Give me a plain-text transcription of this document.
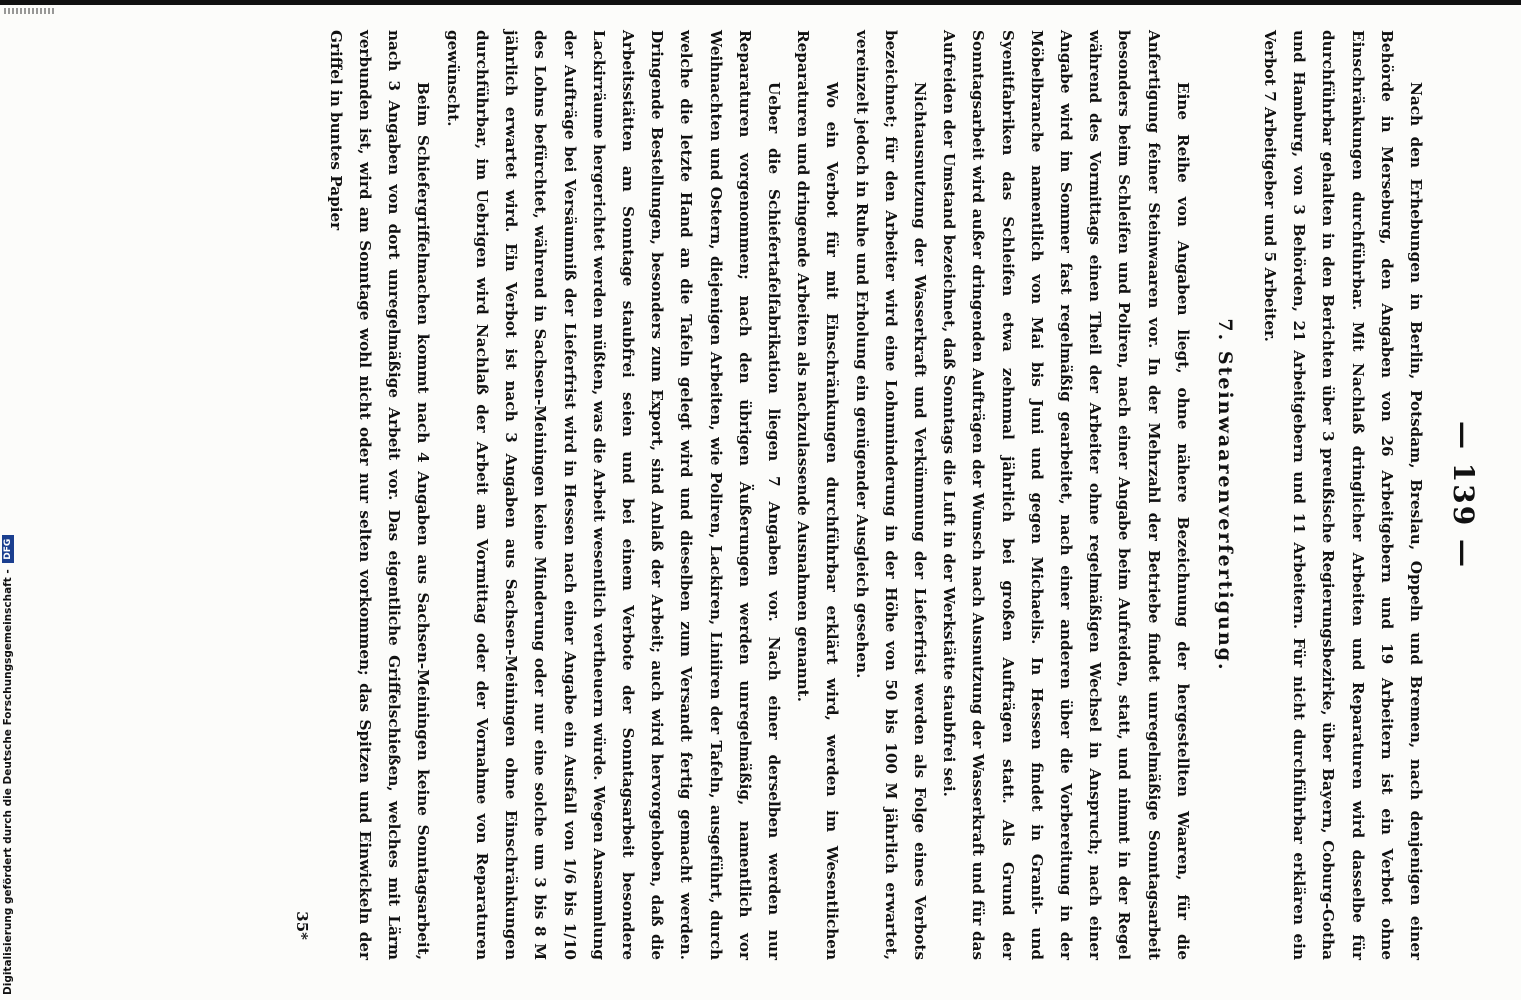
— 139 —

Nach den Erhebungen in Berlin, Potsdam, Breslau, Oppeln und Bremen, nach denjenigen einer Behörde in Merseburg, den Angaben von 26 Arbeitgebern und 19 Arbeitern ist ein Verbot ohne Einschränkungen durchführbar. Mit Nachlaß dringlicher Arbeiten und Reparaturen wird dasselbe für durchführbar gehalten in den Berichten über 3 preußische Regierungsbezirke, über Bayern, Coburg-Gotha und Hamburg, von 3 Behörden, 21 Arbeitgebern und 11 Arbeitern. Für nicht durchführbar erklären ein Verbot 7 Arbeitgeber und 5 Arbeiter.

7. Steinwaarenverfertigung.

Eine Reihe von Angaben liegt, ohne nähere Bezeichnung der hergestellten Waaren, für die Anfertigung feiner Steinwaaren vor. In der Mehrzahl der Betriebe findet unregelmäßige Sonntagsarbeit besonders beim Schleifen und Poliren, nach einer Angabe beim Aufreiden, statt, und nimmt in der Regel während des Vormittags einen Theil der Arbeiter ohne regelmäßigen Wechsel in Anspruch; nach einer Angabe wird im Sommer fast regelmäßig gearbeitet, nach einer anderen über die Vorbereitung in der Möbelbranche namentlich von Mai bis Juni und gegen Michaelis. In Hessen findet in Granit- und Syenitfabriken das Schleifen etwa zehnmal jährlich bei großen Aufträgen statt. Als Grund der Sonntagsarbeit wird außer dringenden Aufträgen der Wunsch nach Ausnutzung der Wasserkraft und für das Aufreiden der Umstand bezeichnet, daß Sonntags die Luft in der Werkstätte staubfrei sei.

Nichtausnutzung der Wasserkraft und Verkümmung der Lieferfrist werden als Folge eines Verbots bezeichnet; für den Arbeiter wird eine Lohnminderung in der Höhe von 50 bis 100 M jährlich erwartet, vereinzelt jedoch in Ruhe und Erholung ein genügender Ausgleich gesehen.

Wo ein Verbot für mit Einschränkungen durchführbar erklärt wird, werden im Wesentlichen Reparaturen und dringende Arbeiten als nachzulassende Ausnahmen genannt.

Ueber die Schiefertafelfabrikation liegen 7 Angaben vor. Nach einer derselben werden nur Reparaturen vorgenommen; nach den übrigen Äußerungen werden unregelmäßig, namentlich vor Weihnachten und Ostern, diejenigen Arbeiten, wie Poliren, Lackiren, Liniiren der Tafeln, ausgeführt, durch welche die letzte Hand an die Tafeln gelegt wird und dieselben zum Versandt fertig gemacht werden. Dringende Bestellungen, besonders zum Export, sind Anlaß der Arbeit; auch wird hervorgehoben, daß die Arbeitsstätten am Sonntage staubfrei seien und bei einem Verbote der Sonntagsarbeit besondere Lackirräume hergerichtet werden müßten, was die Arbeit wesentlich vertheuern würde. Wegen Ansammlung der Aufträge bei Versäumniß der Lieferfrist wird in Hessen nach einer Angabe ein Ausfall von 1/6 bis 1/10 des Lohns befürchtet, während in Sachsen-Meiningen keine Minderung oder nur eine solche um 3 bis 8 M jährlich erwartet wird. Ein Verbot ist nach 3 Angaben aus Sachsen-Meiningen ohne Einschränkungen durchführbar, im Uebrigen wird Nachlaß der Arbeit am Vormittag oder der Vornahme von Reparaturen gewünscht.

Beim Schiefergriffelmachen kommt nach 4 Angaben aus Sachsen-Meiningen keine Sonntagsarbeit, nach 3 Angaben von dort unregelmäßige Arbeit vor. Das eigentliche Griffelschießen, welches mit Lärm verbunden ist, wird am Sonntage wohl nicht oder nur selten vorkommen; das Spitzen und Einwickeln der Griffel in buntes Papier

35*
Digitalisierung gefördert durch die Deutsche Forschungsgemeinschaft -
DFG
